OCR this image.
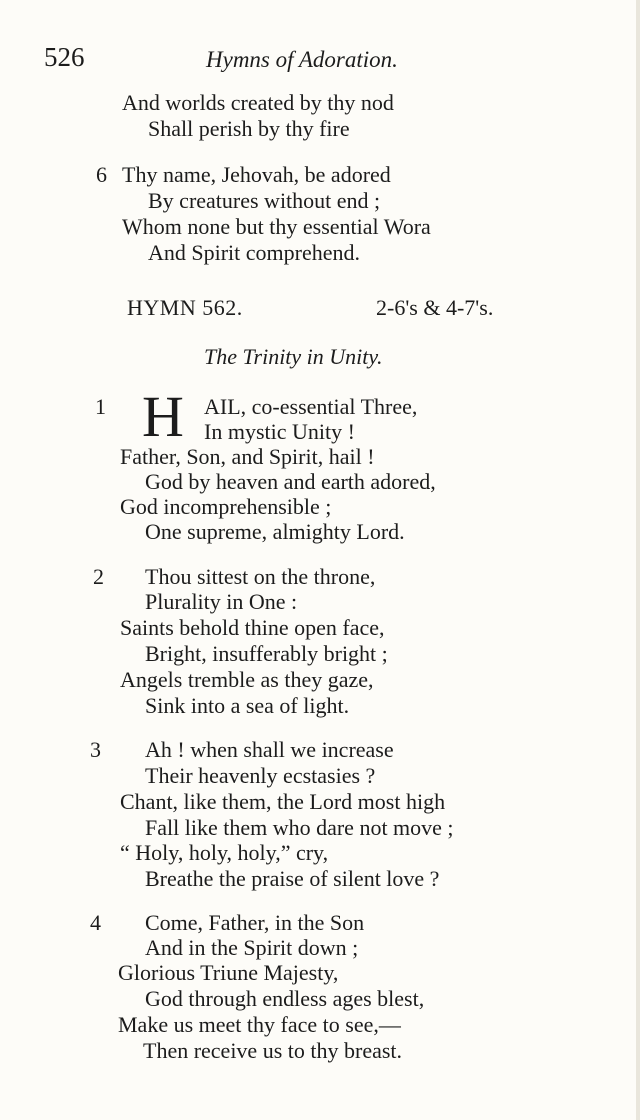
526	Hymns of Adoration.
And worlds created by thy nod
Shall perish by thy fire
6 Thy name, Jehovah, be adored
By creatures without end ;
Whom none but thy essential Wora
And Spirit comprehend.
HYMN 562.	2-6's & 4-7's.
The Trinity in Unity.
1 H AIL, co-essential Three,
In mystic Unity !
Father, Son, and Spirit, hail !
God by heaven and earth adored,
God incomprehensible ;
One supreme, almighty Lord.
2 Thou sittest on the throne,
Plurality in One :
Saints behold thine open face,
Bright, insufferably bright ;
Angels tremble as they gaze,
Sink into a sea of light.
3 Ah ! when shall we increase
Their heavenly ecstasies ?
Chant, like them, the Lord most high
Fall like them who dare not move ;
“ Holy, holy, holy,” cry,
Breathe the praise of silent love ?
4 Come, Father, in the Son
And in the Spirit down ;
Glorious Triune Majesty,
God through endless ages blest,
Make us meet thy face to see,—
Then receive us to thy breast.
